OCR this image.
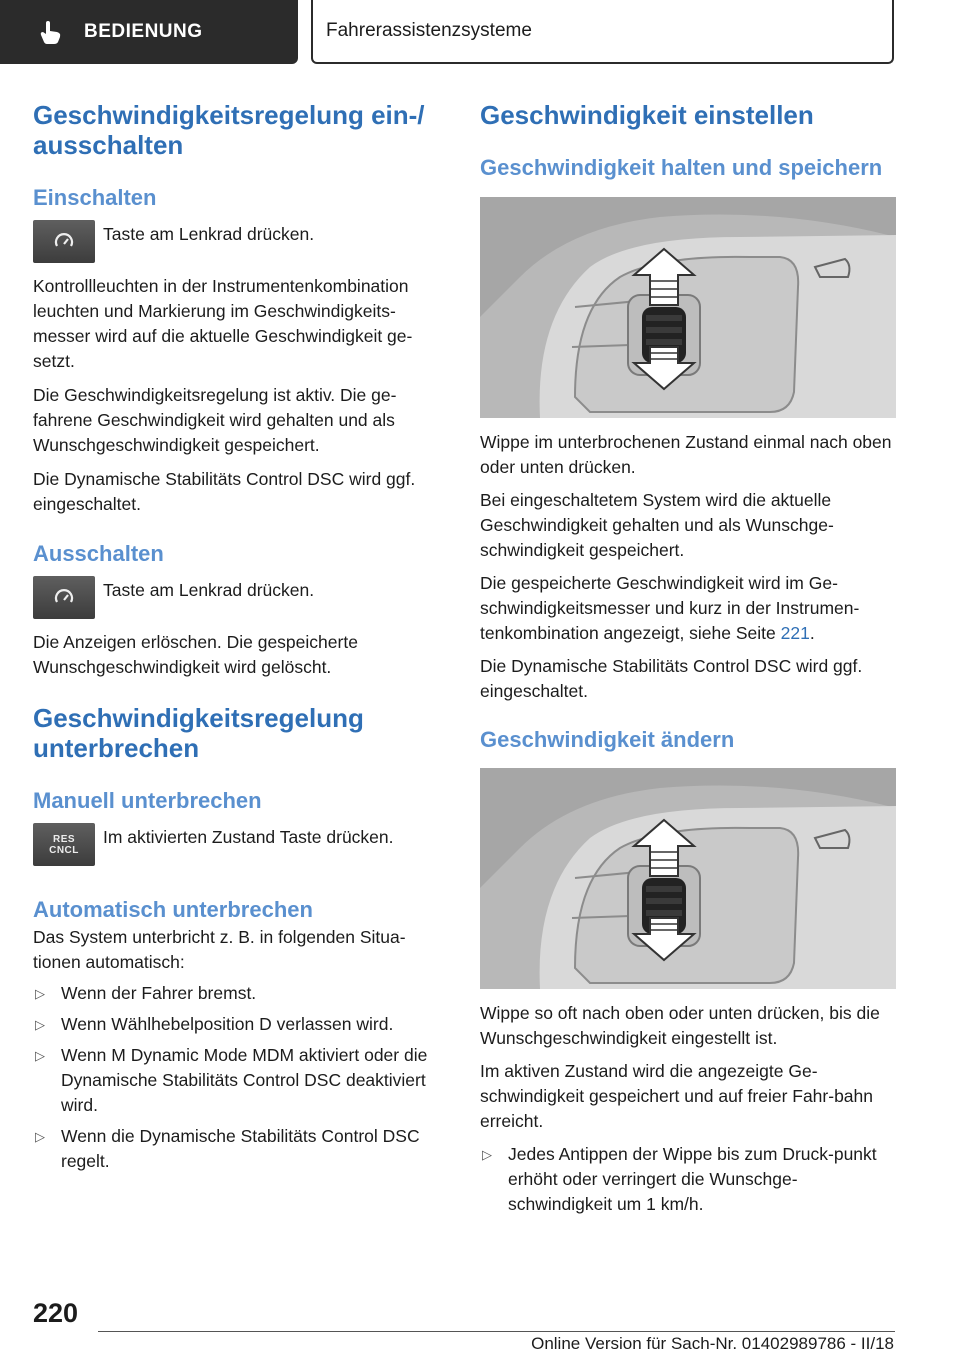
BEDIENUNG	Fahrerassistenzsysteme
Geschwindigkeitsregelung ein-/ ausschalten
Einschalten

Taste am Lenkrad drücken.

Kontrollleuchten in der Instrumentenkombination leuchten und Markierung im Geschwindigkeits-messer wird auf die aktuelle Geschwindigkeit ge-setzt.

Die Geschwindigkeitsregelung ist aktiv. Die ge-fahrene Geschwindigkeit wird gehalten und als Wunschgeschwindigkeit gespeichert.

Die Dynamische Stabilitäts Control DSC wird ggf. eingeschaltet.

Ausschalten

Taste am Lenkrad drücken.

Die Anzeigen erlöschen. Die gespeicherte Wunschgeschwindigkeit wird gelöscht.

Geschwindigkeitsregelung unterbrechen
Manuell unterbrechen
RES
CNCL

Im aktivierten Zustand Taste drücken.

Automatisch unterbrechen

Das System unterbricht z. B. in folgenden Situa-tionen automatisch:

▷ Wenn der Fahrer bremst.
▷ Wenn Wählhebelposition D verlassen wird.
▷ Wenn M Dynamic Mode MDM aktiviert oder die Dynamische Stabilitäts Control DSC deaktiviert wird.
▷ Wenn die Dynamische Stabilitäts Control DSC regelt.
Geschwindigkeit einstellen
Geschwindigkeit halten und speichern

Wippe im unterbrochenen Zustand einmal nach oben oder unten drücken.

Bei eingeschaltetem System wird die aktuelle Geschwindigkeit gehalten und als Wunschge-schwindigkeit gespeichert.

Die gespeicherte Geschwindigkeit wird im Ge-schwindigkeitsmesser und kurz in der Instrumen-tenkombination angezeigt, siehe Seite 221.

Die Dynamische Stabilitäts Control DSC wird ggf. eingeschaltet.

Geschwindigkeit ändern

Wippe so oft nach oben oder unten drücken, bis die Wunschgeschwindigkeit eingestellt ist.

Im aktiven Zustand wird die angezeigte Ge-schwindigkeit gespeichert und auf freier Fahr-bahn erreicht.

▷ Jedes Antippen der Wippe bis zum Druck-punkt erhöht oder verringert die Wunschge-schwindigkeit um 1 km/h.
220
Online Version für Sach-Nr. 01402989786 - II/18
